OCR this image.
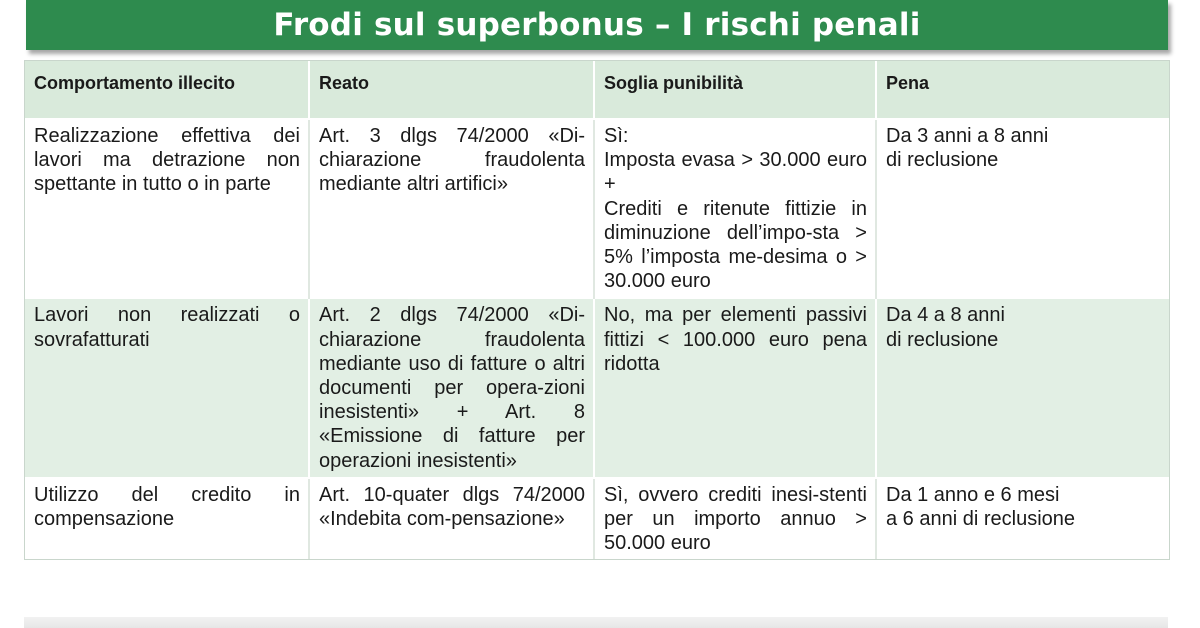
Frodi sul superbonus – I rischi penali
Comportamento illecito	Reato	Soglia punibilità	Pena
Realizzazione effettiva dei lavori ma detrazione non spettante in tutto o in parte	Art. 3 dlgs 74/2000 «Di-chiarazione fraudolenta mediante altri artifici»	Sì:
Imposta evasa > 30.000 euro +
Crediti e ritenute fittizie in diminuzione dell’impo-sta > 5% l’imposta me-desima o > 30.000 euro	Da 3 anni a 8 anni
di reclusione
Lavori non realizzati o sovrafatturati	Art. 2 dlgs 74/2000 «Di-chiarazione fraudolenta mediante uso di fatture o altri documenti per opera-zioni inesistenti» + Art. 8 «Emissione di fatture per operazioni inesistenti»	No, ma per elementi passivi fittizi < 100.000 euro pena ridotta	Da 4 a 8 anni
di reclusione
Utilizzo del credito in compensazione	Art. 10-quater dlgs 74/2000 «Indebita com-pensazione»	Sì, ovvero crediti inesi-stenti per un importo annuo > 50.000 euro	Da 1 anno e 6 mesi
a 6 anni di reclusione
